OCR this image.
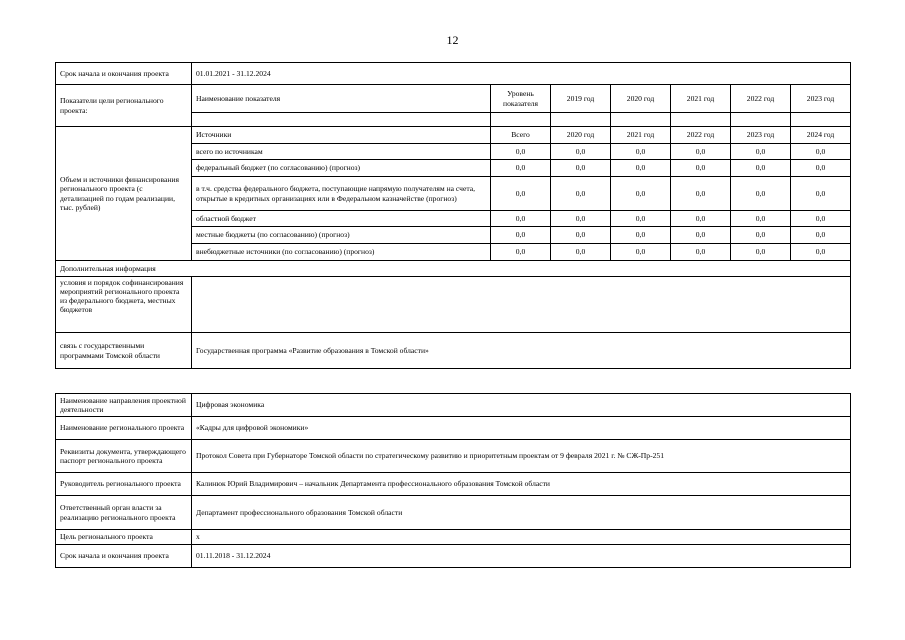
12
Срок начала и окончания проекта	01.01.2021 - 31.12.2024							
Показатели цели регионального проекта:	Наименование показателя	Уровень показателя	2019 год	2020 год	2021 год	2022 год	2023 год	

Объем и источники финансирования регионального проекта (с детализацией по годам реализации, тыс. рублей)	Источники	Всего	2020 год	2021 год	2022 год	2023 год	2024 год	
	всего по источникам	0,0	0,0	0,0	0,0	0,0	0,0	
	федеральный бюджет (по согласованию) (прогноз)	0,0	0,0	0,0	0,0	0,0	0,0	
	в т.ч. средства федерального бюджета, поступающие напрямую получателям на счета, открытые в кредитных организациях или в Федеральном казначействе (прогноз)	0,0	0,0	0,0	0,0	0,0	0,0	
	областной бюджет	0,0	0,0	0,0	0,0	0,0	0,0	
	местные бюджеты (по согласованию) (прогноз)	0,0	0,0	0,0	0,0	0,0	0,0	
	внебюджетные источники (по согласованию) (прогноз)	0,0	0,0	0,0	0,0	0,0	0,0	
Дополнительная информация								
условия и порядок софинансирования мероприятий регионального проекта из федерального бюджета, местных бюджетов								
связь с государственными программами Томской области	Государственная программа «Развитие образования в Томской области»							
Наименование направления проектной деятельности	Цифровая экономика
Наименование регионального проекта	«Кадры для цифровой экономики»
Реквизиты документа, утверждающего паспорт регионального проекта	Протокол Совета при Губернаторе Томской области по стратегическому развитию и приоритетным проектам от 9 февраля 2021 г. № СЖ-Пр-251
Руководитель регионального проекта	Калинюк Юрий Владимирович – начальник Департамента профессионального образования Томской области
Ответственный орган власти за реализацию регионального проекта	Департамент профессионального образования Томской области
Цель регионального проекта	х
Срок начала и окончания проекта	01.11.2018 - 31.12.2024
